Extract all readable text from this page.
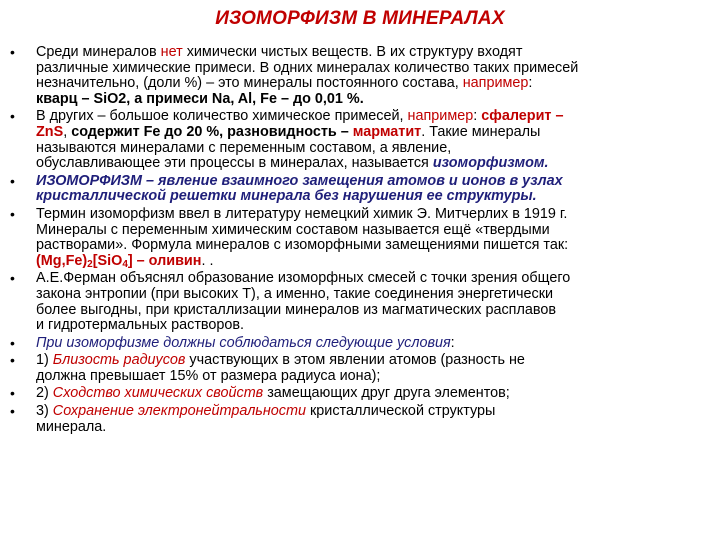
ИЗОМОРФИЗМ В МИНЕРАЛАХ
• Среди минералов нет химически чистых веществ. В их структуру входят
различные химические примеси. В одних минералах количество таких примесей
незначительно, (доли %) – это минералы постоянного состава, например:
кварц – SiO2, а примеси Na, Al, Fe – до 0,01 %.
• В других – большое количество химическое примесей, например: сфалерит –
ZnS, содержит Fe до 20 %, разновидность – марматит. Такие минералы
называются минералами с переменным составом, а явление,
обуславливающее эти процессы в минералах, называется изоморфизмом.
• ИЗОМОРФИЗМ – явление взаимного замещения атомов и ионов в узлах
кристаллической решетки минерала без нарушения ее структуры.
• Термин изоморфизм ввел в литературу немецкий химик Э. Митчерлих в 1919 г.
Минералы с переменным химическим составом называется ещё «твердыми
растворами». Формула минералов с изоморфными замещениями пишется так:
$(Mg,Fe)_2[SiO_4]$ – оливин. .
• А.Е.Ферман объяснял образование изоморфных смесей с точки зрения общего
закона энтропии (при высоких Т), а именно, такие соединения энергетически
более выгодны, при кристаллизации минералов из магматических расплавов
и гидротермальных растворов.
• При изоморфизме должны соблюдаться следующие условия:
• 1) Близость радиусов участвующих в этом явлении атомов (разность не
должна превышает 15% от размера радиуса иона);
• 2) Сходство химических свойств замещающих друг друга элементов;
• 3) Сохранение электронейтральности кристаллической структуры
минерала.
